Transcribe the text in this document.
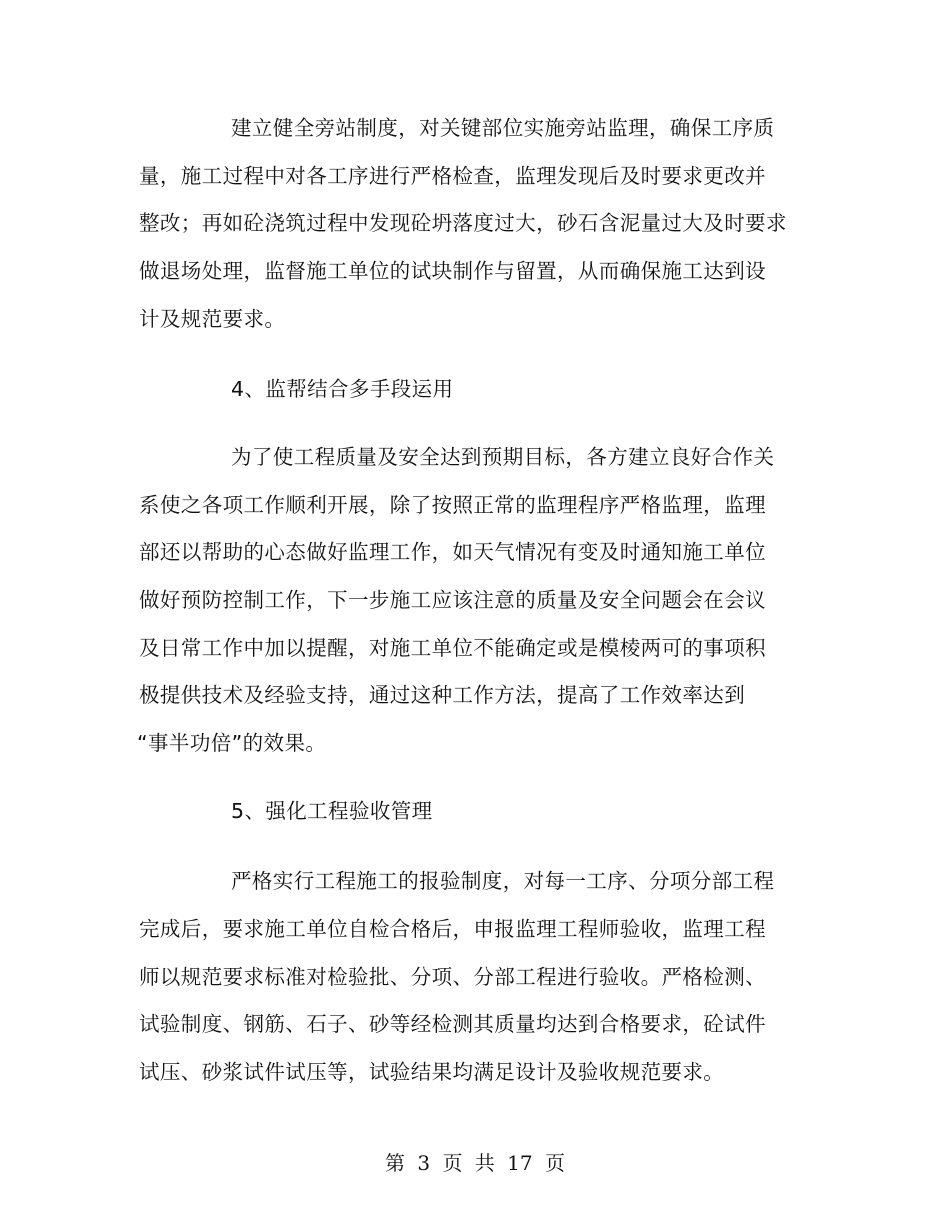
建立健全旁站制度，对关键部位实施旁站监理，确保工序质
量，施工过程中对各工序进行严格检查，监理发现后及时要求更改并
整改；再如砼浇筑过程中发现砼坍落度过大，砂石含泥量过大及时要求
做退场处理，监督施工单位的试块制作与留置，从而确保施工达到设
计及规范要求。
4、监帮结合多手段运用
为了使工程质量及安全达到预期目标，各方建立良好合作关
系使之各项工作顺利开展，除了按照正常的监理程序严格监理，监理
部还以帮助的心态做好监理工作，如天气情况有变及时通知施工单位
做好预防控制工作，下一步施工应该注意的质量及安全问题会在会议
及日常工作中加以提醒，对施工单位不能确定或是模棱两可的事项积
极提供技术及经验支持，通过这种工作方法，提高了工作效率达到
“事半功倍”的效果。
5、强化工程验收管理
严格实行工程施工的报验制度，对每一工序、分项分部工程
完成后，要求施工单位自检合格后，申报监理工程师验收，监理工程
师以规范要求标准对检验批、分项、分部工程进行验收。严格检测、
试验制度、钢筋、石子、砂等经检测其质量均达到合格要求，砼试件
试压、砂浆试件试压等，试验结果均满足设计及验收规范要求。
第 3 页 共 17 页
